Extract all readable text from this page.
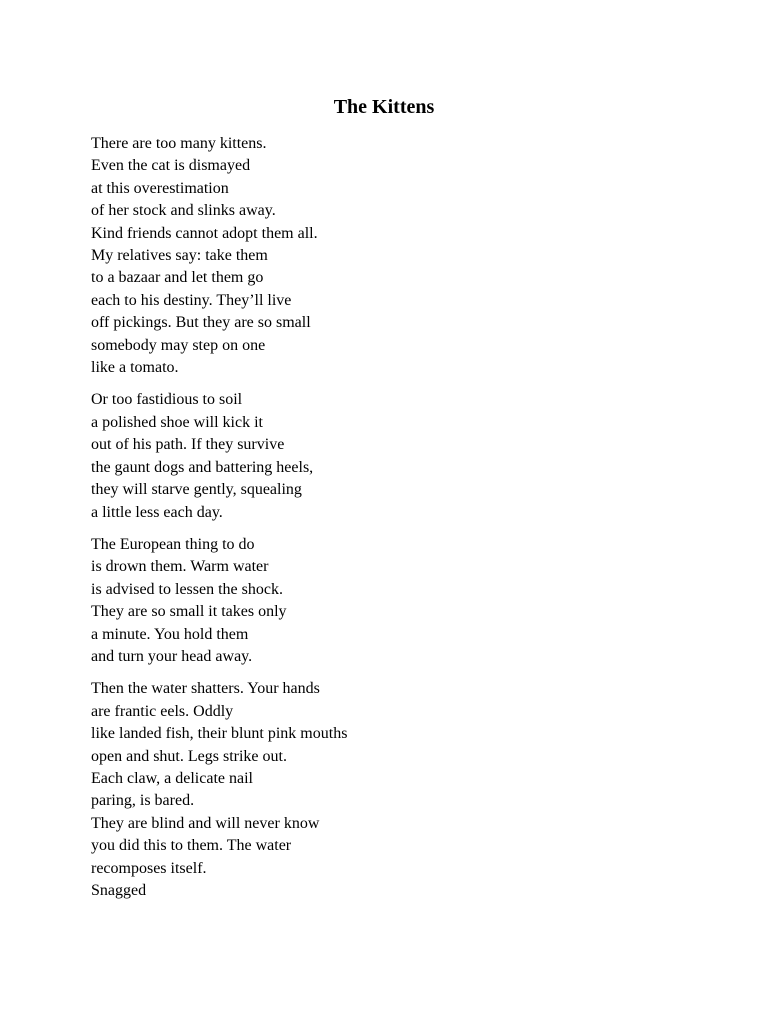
The Kittens
There are too many kittens.
Even the cat is dismayed
at this overestimation
of her stock and slinks away.
Kind friends cannot adopt them all.
My relatives say: take them
to a bazaar and let them go
each to his destiny. They’ll live
off pickings. But they are so small
somebody may step on one
like a tomato.
Or too fastidious to soil
a polished shoe will kick it
out of his path. If they survive
the gaunt dogs and battering heels,
they will starve gently, squealing
a little less each day.
The European thing to do
is drown them. Warm water
is advised to lessen the shock.
They are so small it takes only
a minute. You hold them
and turn your head away.
Then the water shatters. Your hands
are frantic eels. Oddly
like landed fish, their blunt pink mouths
open and shut. Legs strike out.
Each claw, a delicate nail
paring, is bared.
They are blind and will never know
you did this to them. The water
recomposes itself.
Snagged
